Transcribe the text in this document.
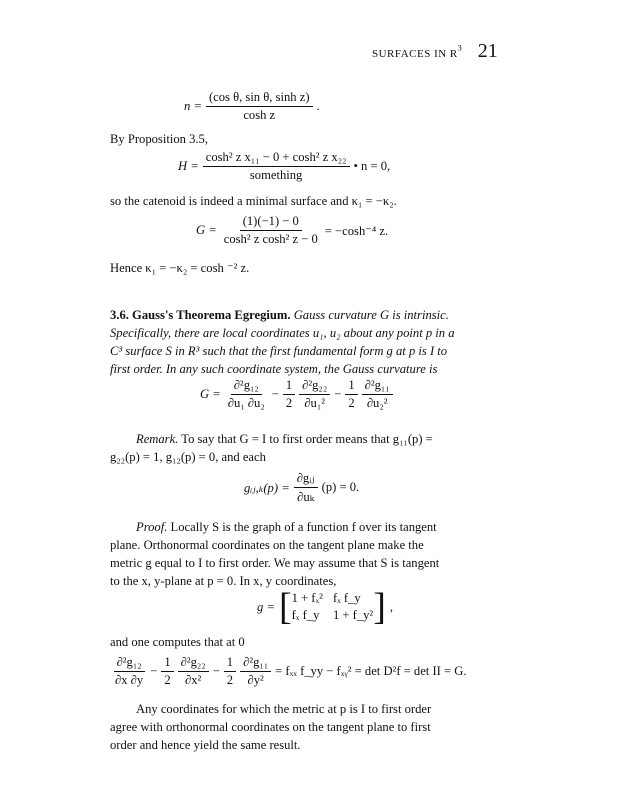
SURFACES IN $R^3$ 21
$n = \frac{\text{(cos θ, sin θ, sinh z)}}{\text{cosh z}}$ .
By Proposition 3.5,
$H = \frac{\text{cosh² z x₁₁ − 0 + cosh² z x₂₂}}{\text{something}}$ • n = 0,
so the catenoid is indeed a minimal surface and κ₁ = −κ₂.
$G = \frac{(1)(-1) - 0}{\text{cosh² z cosh² z − 0}} = -\cosh^{-4}$ z.
Hence κ₁ = −κ₂ = cosh ⁻² z.
3.6. Gauss's Theorema Egregium. Gauss curvature G is intrinsic.
Specifically, there are local coordinates u₁, u₂ about any point p in a
C³ surface S in R³ such that the first fundamental form g at p is I to
first order. In any such coordinate system, the Gauss curvature is
$G = \frac{\text{∂²g₁₂}}{\text{∂u₁ ∂u₂}} - \frac{1}{2} \frac{\text{∂²g₂₂}}{\text{∂u₁²}} - \frac{1}{2} \frac{\text{∂²g₁₁}}{\text{∂u₂²}}$
Remark. To say that G = I to first order means that g₁₁(p) =
g₂₂(p) = 1, g₁₂(p) = 0, and each
gᵢⱼ,ₖ(p) = $\frac{\text{∂gᵢⱼ}}{\text{∂uₖ}} (p) = 0$.
Proof. Locally S is the graph of a function f over its tangent
plane. Orthonormal coordinates on the tangent plane make the
metric g equal to I to first order. We may assume that S is tangent
to the x, y-plane at p = 0. In x, y coordinates,
g = [ 1 + fₓ² fₓ f_y
fₓ f_y 1 + f_y² ] ,
and one computes that at 0
$\frac{\text{∂²g₁₂}}{\partial x \partial y} - \frac{1}{2} \frac{\text{∂²g₂₂}}{\text{∂x²}} - \frac{1}{2} \frac{\text{∂²g₁₁}}{\text{∂y²}} = f_{xx}$ f_yy − fₓᵧ² = det D²f = det II = G.
Any coordinates for which the metric at p is I to first order
agree with orthonormal coordinates on the tangent plane to first
order and hence yield the same result.
